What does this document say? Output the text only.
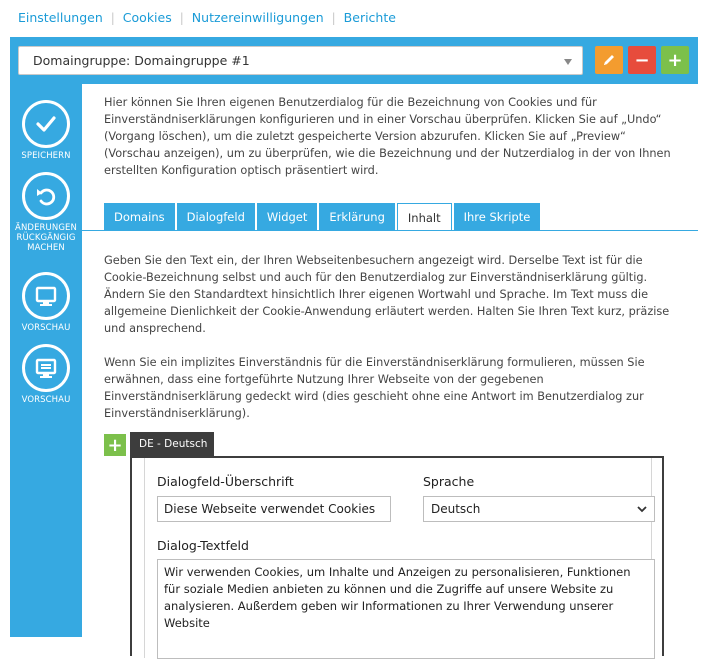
Einstellungen | Cookies | Nutzereinwilligungen | Berichte
Domaingruppe: Domaingruppe #1	− +
SPEICHERN
ÄNDERUNGEN RÜCKGÄNGIG MACHEN
VORSCHAU
VORSCHAU

Hier können Sie Ihren eigenen Benutzerdialog für die Bezeichnung von Cookies und für Einverständniserklärungen konfigurieren und in einer Vorschau überprüfen. Klicken Sie auf „Undo“ (Vorgang löschen), um die zuletzt gespeicherte Version abzurufen. Klicken Sie auf „Preview“ (Vorschau anzeigen), um zu überprüfen, wie die Bezeichnung und der Nutzerdialog in der von Ihnen erstellten Konfiguration optisch präsentiert wird.

Domains	Dialogfeld	Widget	Erklärung	Inhalt	Ihre Skripte

Geben Sie den Text ein, der Ihren Webseitenbesuchern angezeigt wird. Derselbe Text ist für die Cookie-Bezeichnung selbst und auch für den Benutzerdialog zur Einverständniserklärung gültig. Ändern Sie den Standardtext hinsichtlich Ihrer eigenen Wortwahl und Sprache. Im Text muss die allgemeine Dienlichkeit der Cookie-Anwendung erläutert werden. Halten Sie Ihren Text kurz, präzise und ansprechend.

Wenn Sie ein implizites Einverständnis für die Einverständniserklärung formulieren, müssen Sie erwähnen, dass eine fortgeführte Nutzung Ihrer Webseite von der gegebenen Einverständniserklärung gedeckt wird (dies geschieht ohne eine Antwort im Benutzerdialog zur Einverständniserklärung).

+	DE - Deutsch
Dialogfeld-Überschrift
Diese Webseite verwendet Cookies
Sprache
Deutsch
Dialog-Textfeld
Wir verwenden Cookies, um Inhalte und Anzeigen zu personalisieren, Funktionen für soziale Medien anbieten zu können und die Zugriffe auf unsere Website zu analysieren. Außerdem geben wir Informationen zu Ihrer Verwendung unserer Website
